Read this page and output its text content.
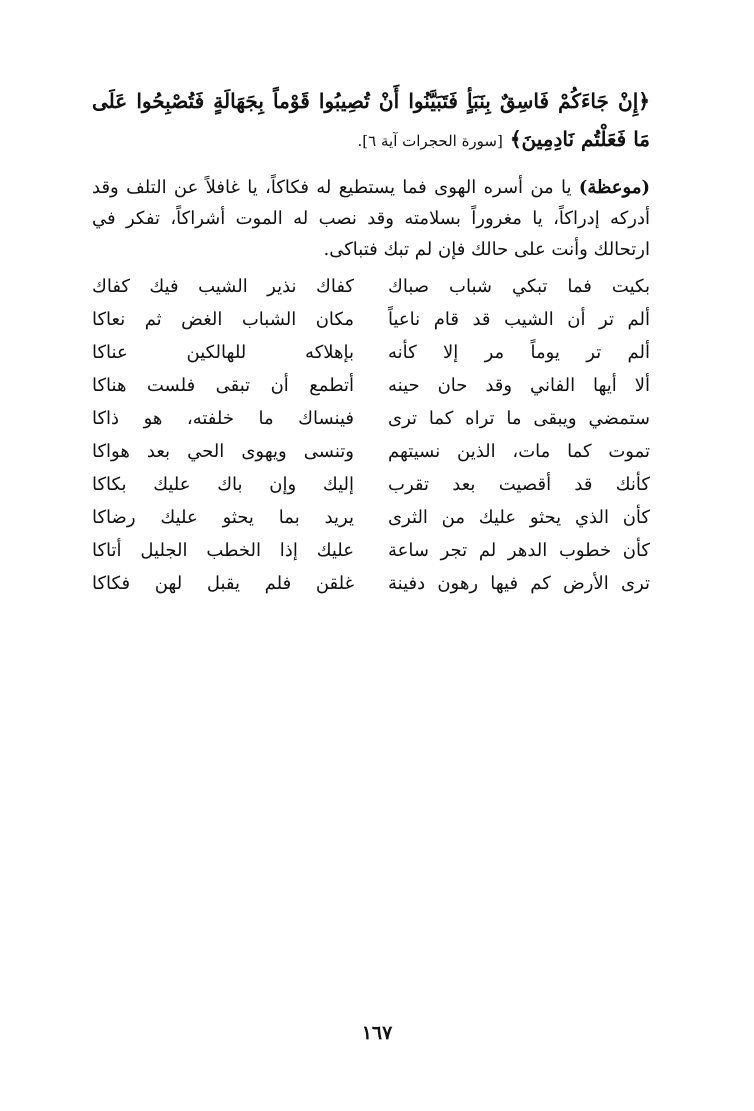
﴿إِنْ جَاءَكُمْ فَاسِقٌ بِنَبَأٍ فَتَبَيَّنُوا أَنْ تُصِيبُوا قَوْماً بِجَهَالَةٍ فَتُصْبِحُوا عَلَى مَا فَعَلْتُم نَادِمِينَ﴾ [سورة الحجرات آية ٦].
(موعظة) يا من أسره الهوى فما يستطيع له فكاكاً، يا غافلاً عن التلف وقد أدركه إدراكاً، يا مغروراً بسلامته وقد نصب له الموت أشراكاً، تفكر في ارتحالك وأنت على حالك فإن لم تبك فتباكى.
بكيت فما تبكي شباب صباك
كفاك نذير الشيب فيك كفاك
ألم تر أن الشيب قد قام ناعياً
مكان الشباب الغض ثم نعاكا
ألم تر يوماً مر إلا كأنه
بإهلاكه للهالكين عناكا
ألا أيها الفاني وقد حان حينه
أتطمع أن تبقى فلست هناكا
ستمضي ويبقى ما تراه كما ترى
فينساك ما خلفته، هو ذاكا
تموت كما مات، الذين نسيتهم
وتنسى ويهوى الحي بعد هواكا
كأنك قد أقصيت بعد تقرب
إليك وإن باك عليك بكاكا
كأن الذي يحثو عليك من الثرى
يريد بما يحثو عليك رضاكا
كأن خطوب الدهر لم تجر ساعة
عليك إذا الخطب الجليل أتاكا
ترى الأرض كم فيها رهون دفينة
غلقن فلم يقبل لهن فكاكا
١٦٧
